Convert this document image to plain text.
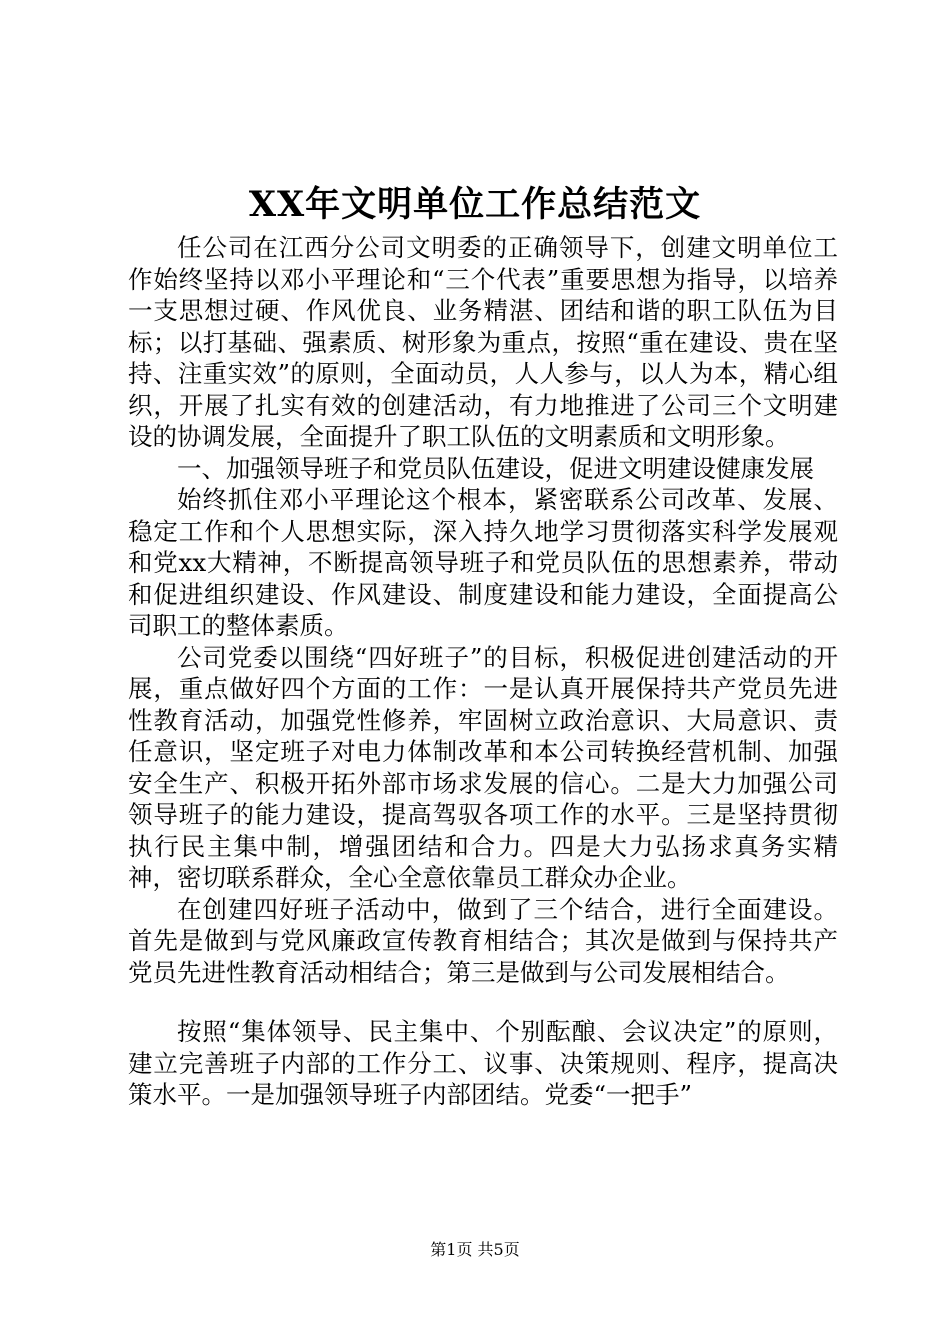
XX年文明单位工作总结范文

任公司在江西分公司文明委的正确领导下，创建文明单位工作始终坚持以邓小平理论和“三个代表”重要思想为指导，以培养一支思想过硬、作风优良、业务精湛、团结和谐的职工队伍为目标；以打基础、强素质、树形象为重点，按照“重在建设、贵在坚持、注重实效”的原则，全面动员，人人参与，以人为本，精心组织，开展了扎实有效的创建活动，有力地推进了公司三个文明建设的协调发展，全面提升了职工队伍的文明素质和文明形象。

一、加强领导班子和党员队伍建设，促进文明建设健康发展

始终抓住邓小平理论这个根本，紧密联系公司改革、发展、稳定工作和个人思想实际，深入持久地学习贯彻落实科学发展观和党xx大精神，不断提高领导班子和党员队伍的思想素养，带动和促进组织建设、作风建设、制度建设和能力建设，全面提高公司职工的整体素质。

公司党委以围绕“四好班子”的目标，积极促进创建活动的开展，重点做好四个方面的工作：一是认真开展保持共产党员先进性教育活动，加强党性修养，牢固树立政治意识、大局意识、责任意识，坚定班子对电力体制改革和本公司转换经营机制、加强安全生产、积极开拓外部市场求发展的信心。二是大力加强公司领导班子的能力建设，提高驾驭各项工作的水平。三是坚持贯彻执行民主集中制，增强团结和合力。四是大力弘扬求真务实精神，密切联系群众，全心全意依靠员工群众办企业。

在创建四好班子活动中，做到了三个结合，进行全面建设。首先是做到与党风廉政宣传教育相结合；其次是做到与保持共产党员先进性教育活动相结合；第三是做到与公司发展相结合。

按照“集体领导、民主集中、个别酝酿、会议决定”的原则，建立完善班子内部的工作分工、议事、决策规则、程序，提高决策水平。一是加强领导班子内部团结。党委“一把手”

第1页 共5页
